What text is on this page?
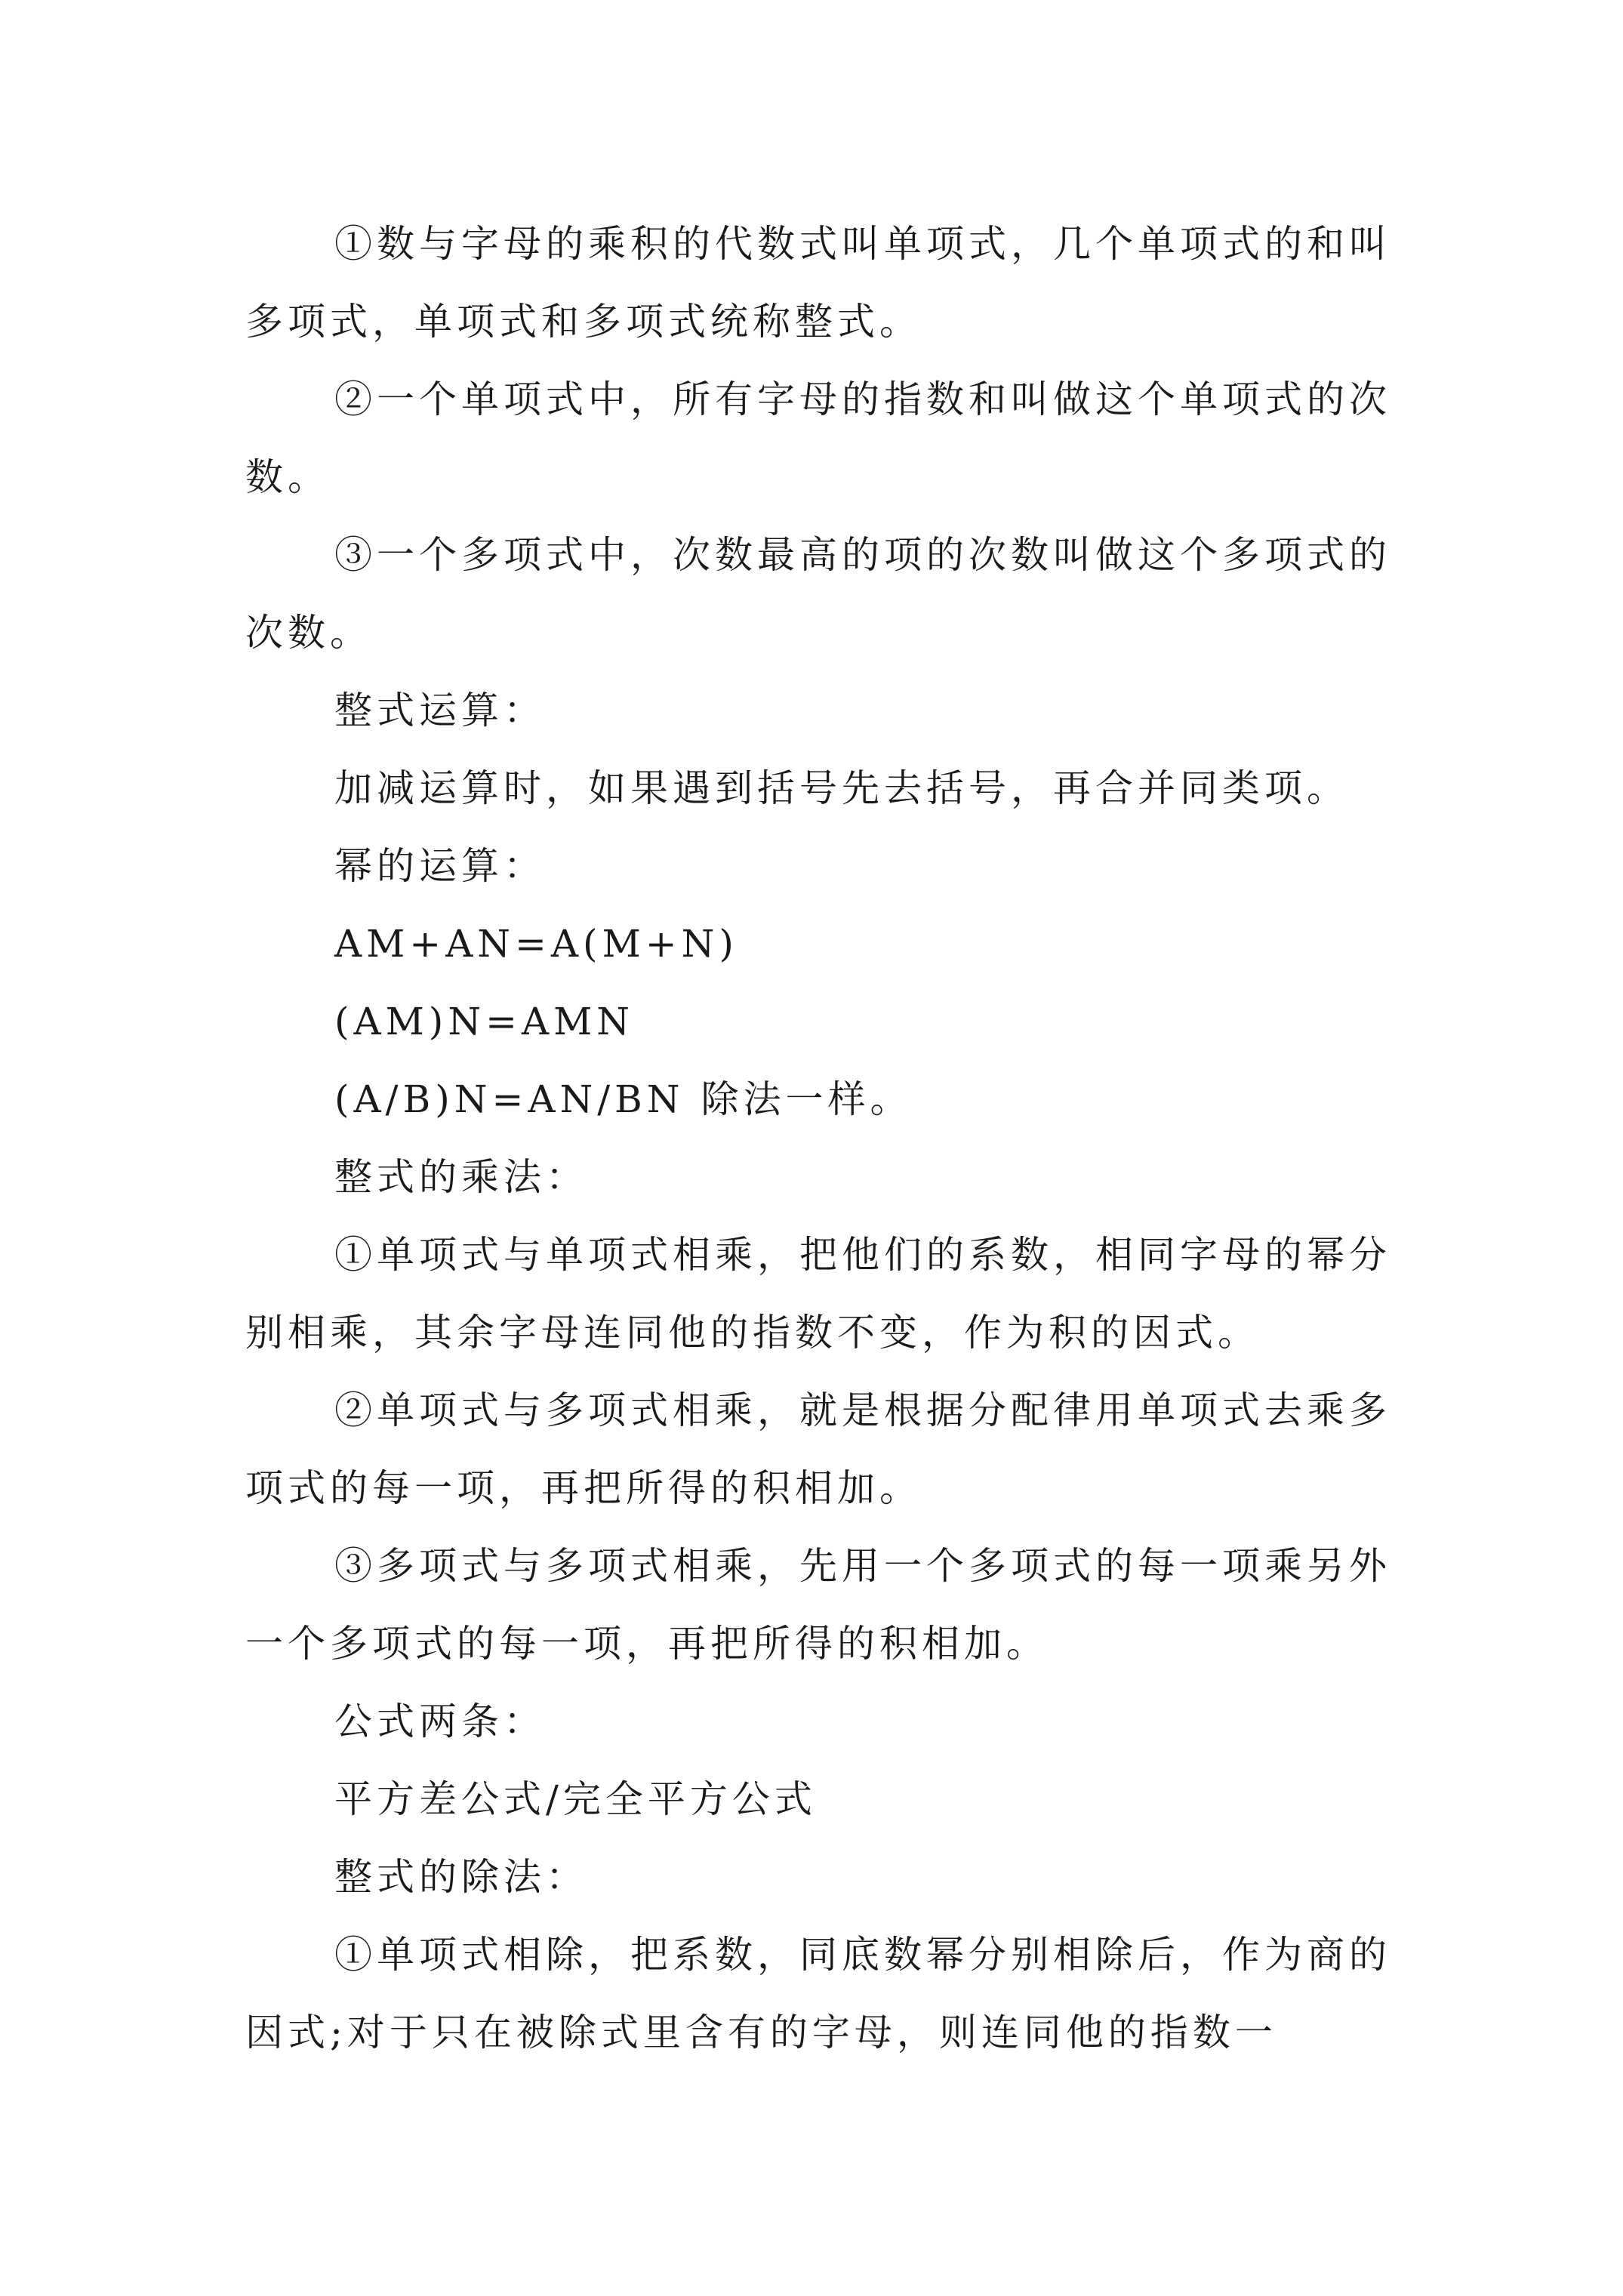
①数与字母的乘积的代数式叫单项式，几个单项式的和叫多项式，单项式和多项式统称整式。

②一个单项式中，所有字母的指数和叫做这个单项式的次数。

③一个多项式中，次数最高的项的次数叫做这个多项式的次数。

整式运算：

加减运算时，如果遇到括号先去括号，再合并同类项。

幂的运算：

AM+AN=A(M+N)

(AM)N=AMN

(A/B)N=AN/BN 除法一样。

整式的乘法：

①单项式与单项式相乘，把他们的系数，相同字母的幂分别相乘，其余字母连同他的指数不变，作为积的因式。

②单项式与多项式相乘，就是根据分配律用单项式去乘多项式的每一项，再把所得的积相加。

③多项式与多项式相乘，先用一个多项式的每一项乘另外一个多项式的每一项，再把所得的积相加。

公式两条：

平方差公式/完全平方公式

整式的除法：

①单项式相除，把系数，同底数幂分别相除后，作为商的因式;对于只在被除式里含有的字母，则连同他的指数一
